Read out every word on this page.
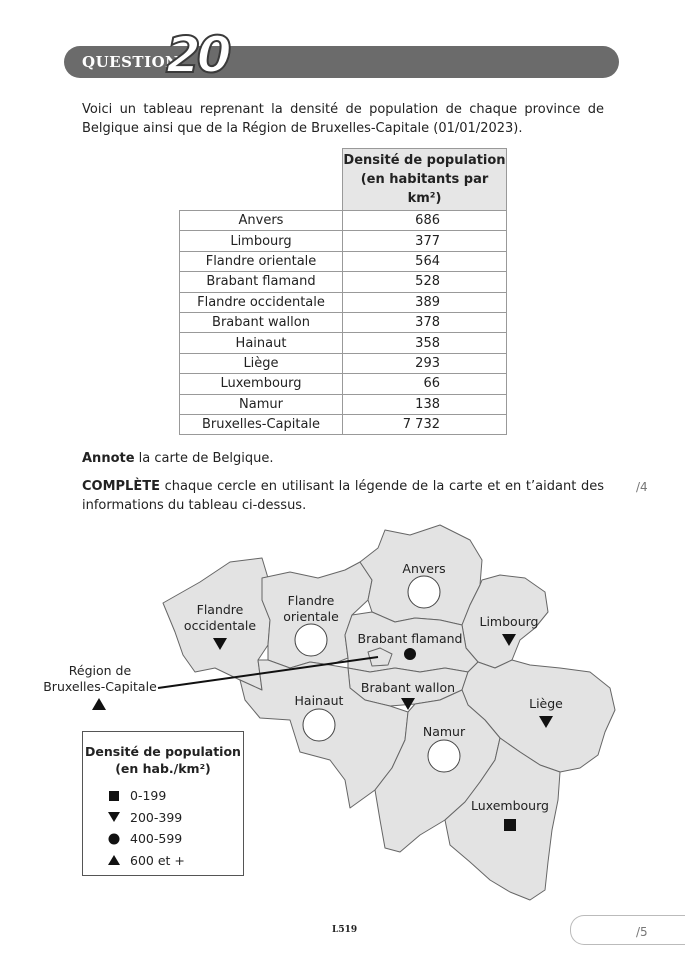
QUESTION
20
Voici un tableau reprenant la densité de population de chaque province de Belgique ainsi que de la Région de Bruxelles-Capitale (01/01/2023).
	Densité de population
(en habitants par km²)
Anvers	686
Limbourg	377
Flandre orientale	564
Brabant flamand	528
Flandre occidentale	389
Brabant wallon	378
Hainaut	358
Liège	293
Luxembourg	66
Namur	138
Bruxelles-Capitale	7 732
Annote la carte de Belgique.
COMPLÈTE chaque cercle en utilisant la légende de la carte et en t’aidant des informations du tableau ci-dessus.
/4
Anvers
Flandre
occidentale
Flandre
orientale	Limbourg
Brabant flamand
Brabant wallon
Hainaut	Liège
Namur
Luxembourg
Région de
Bruxelles-Capitale
Densité de population
(en hab./km²)
0-199
200-399
400-599
600 et +
L519	/5
